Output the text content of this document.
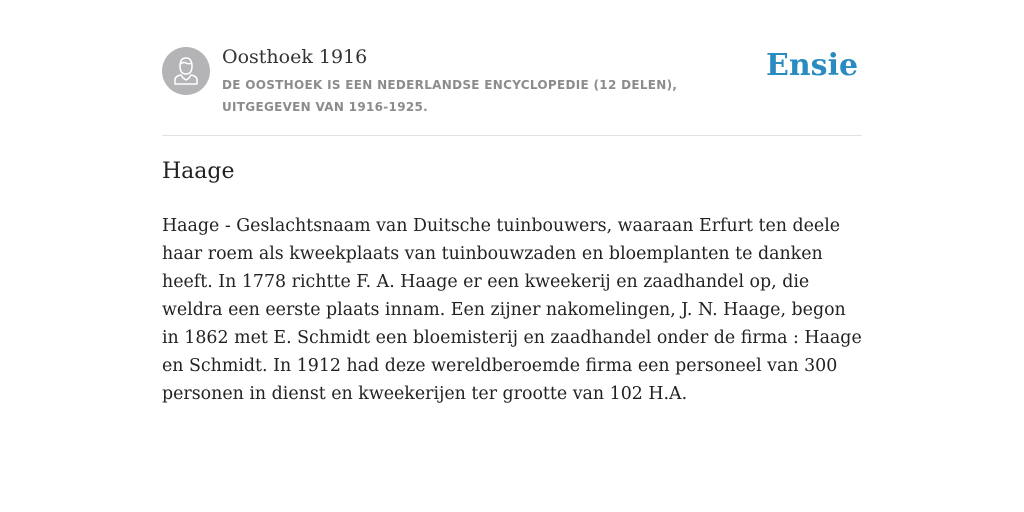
Oosthoek 1916
DE OOSTHOEK IS EEN NEDERLANDSE ENCYCLOPEDIE (12 DELEN), UITGEGEVEN VAN 1916-1925.
Ensie
Haage

Haage - Geslachtsnaam van Duitsche tuinbouwers, waaraan Erfurt ten deele haar roem als kweekplaats van tuinbouwzaden en bloemplanten te danken heeft. In 1778 richtte F. A. Haage er een kweekerij en zaadhandel op, die weldra een eerste plaats innam. Een zijner nakomelingen, J. N. Haage, begon in 1862 met E. Schmidt een bloemisterij en zaadhandel onder de firma : Haage en Schmidt. In 1912 had deze wereldberoemde firma een personeel van 300 personen in dienst en kweekerijen ter grootte van 102 H.A.
